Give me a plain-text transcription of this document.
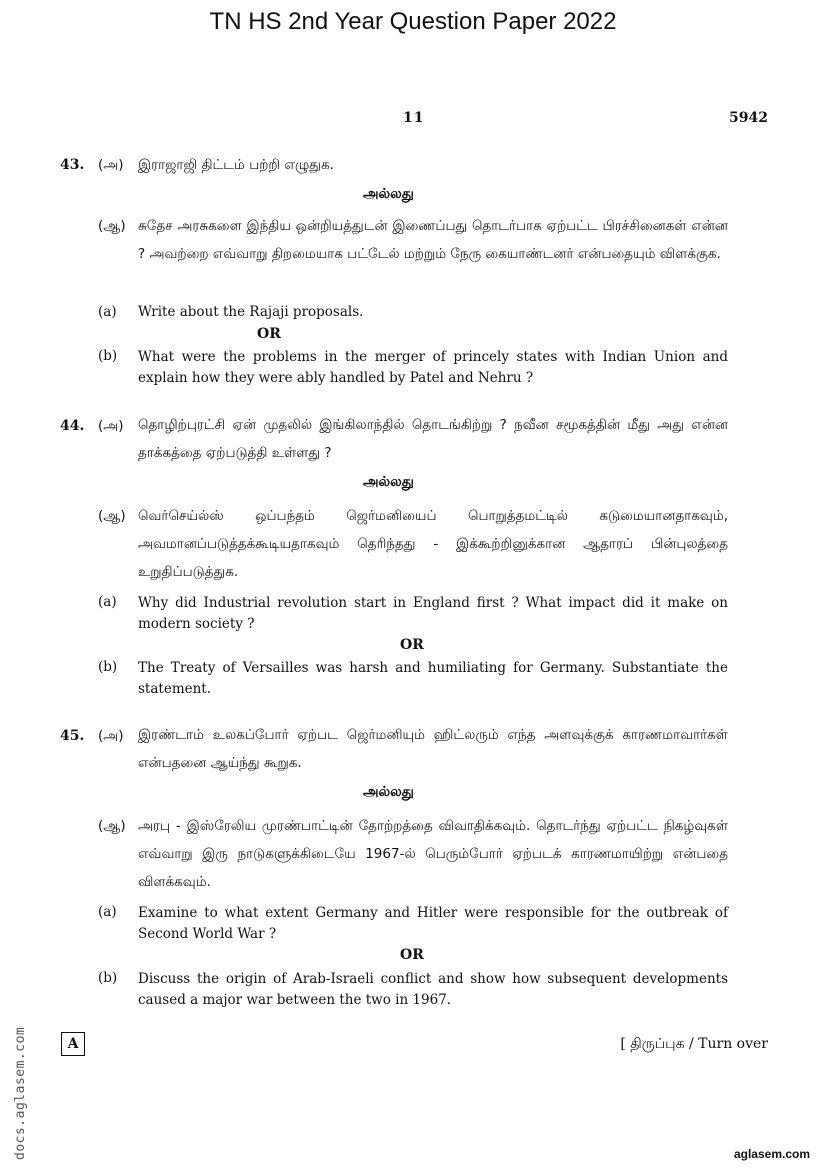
TN HS 2nd Year Question Paper 2022
11	5942
43. (அ) இராஜாஜி திட்டம் பற்றி எழுதுக.
அல்லது
(ஆ) சுதேச அரசுகளை இந்திய ஒன்றியத்துடன் இணைப்பது தொடர்பாக ஏற்பட்ட பிரச்சினைகள் என்ன ? அவற்றை எவ்வாறு திறமையாக பட்டேல் மற்றும் நேரு கையாண்டனர் என்பதையும் விளக்குக.
(a) Write about the Rajaji proposals.
OR
(b) What were the problems in the merger of princely states with Indian Union and explain how they were ably handled by Patel and Nehru ?
44. (அ) தொழிற்புரட்சி ஏன் முதலில் இங்கிலாந்தில் தொடங்கிற்று ? நவீன சமூகத்தின் மீது அது என்ன தாக்கத்தை ஏற்படுத்தி உள்ளது ?
அல்லது
(ஆ) வெர்செய்ல்ஸ் ஒப்பந்தம் ஜெர்மனியைப் பொறுத்தமட்டில் கடுமையானதாகவும், அவமானப்படுத்தக்கூடியதாகவும் தெரிந்தது - இக்கூற்றினுக்கான ஆதாரப் பின்புலத்தை உறுதிப்படுத்துக.
(a) Why did Industrial revolution start in England first ? What impact did it make on modern society ?
OR
(b) The Treaty of Versailles was harsh and humiliating for Germany. Substantiate the statement.
45. (அ) இரண்டாம் உலகப்போர் ஏற்பட ஜெர்மனியும் ஹிட்லரும் எந்த அளவுக்குக் காரணமாவார்கள் என்பதனை ஆய்ந்து கூறுக.
அல்லது
(ஆ) அரபு - இஸ்ரேலிய முரண்பாட்டின் தோற்றத்தை விவாதிக்கவும். தொடர்ந்து ஏற்பட்ட நிகழ்வுகள் எவ்வாறு இரு நாடுகளுக்கிடையே 1967-ல் பெரும்போர் ஏற்படக் காரணமாயிற்று என்பதை விளக்கவும்.
(a) Examine to what extent Germany and Hitler were responsible for the outbreak of Second World War ?
OR
(b) Discuss the origin of Arab-Israeli conflict and show how subsequent developments caused a major war between the two in 1967.
A	[ திருப்புக / Turn over
docs.aglasem.com	aglasem.com
